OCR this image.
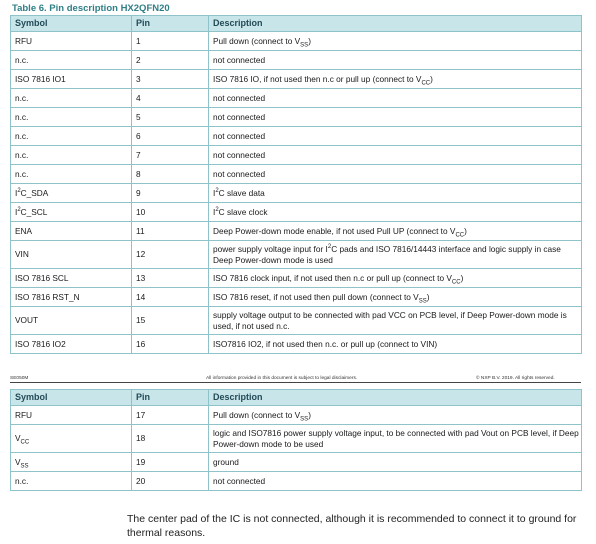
Table 6. Pin description HX2QFN20
Symbol	Pin	Description
RFU	1	Pull down (connect to $V_{SS}$)
n.c.	2	not connected
ISO 7816 IO1	3	ISO 7816 IO, if not used then n.c or pull up (connect to $V_{CC}$)
n.c.	4	not connected
n.c.	5	not connected
n.c.	6	not connected
n.c.	7	not connected
n.c.	8	not connected
$I^2C\_SDA$	9	$I^2C$ slave data
$I^2C\_SCL$	10	$I^2C$ slave clock
ENA	11	Deep Power-down mode enable, if not used Pull UP (connect to $V_{CC}$)
VIN	12	power supply voltage input for $I^2C$ pads and ISO 7816/14443 interface and logic supply in case Deep Power-down mode is used
ISO 7816 SCL	13	ISO 7816 clock input, if not used then n.c or pull up (connect to $V_{CC}$)
ISO 7816 RST_N	14	ISO 7816 reset, if not used then pull down (connect to $V_{SS}$)
VOUT	15	supply voltage output to be connected with pad VCC on PCB level, if Deep Power-down mode is used, if not used n.c.
ISO 7816 IO2	16	ISO7816 IO2, if not used then n.c. or pull up (connect to VIN)
SE050M	All information provided in this document is subject to legal disclaimers.	© NXP B.V. 2019. All rights reserved.
Symbol	Pin	Description
RFU	17	Pull down (connect to $V_{SS}$)
$V_{CC}$	18	logic and ISO7816 power supply voltage input, to be connected with pad Vout on PCB level, if Deep Power-down mode to be used
$V_{SS}$	19	ground
n.c.	20	not connected
The center pad of the IC is not connected, although it is recommended to connect it to ground for thermal reasons.
